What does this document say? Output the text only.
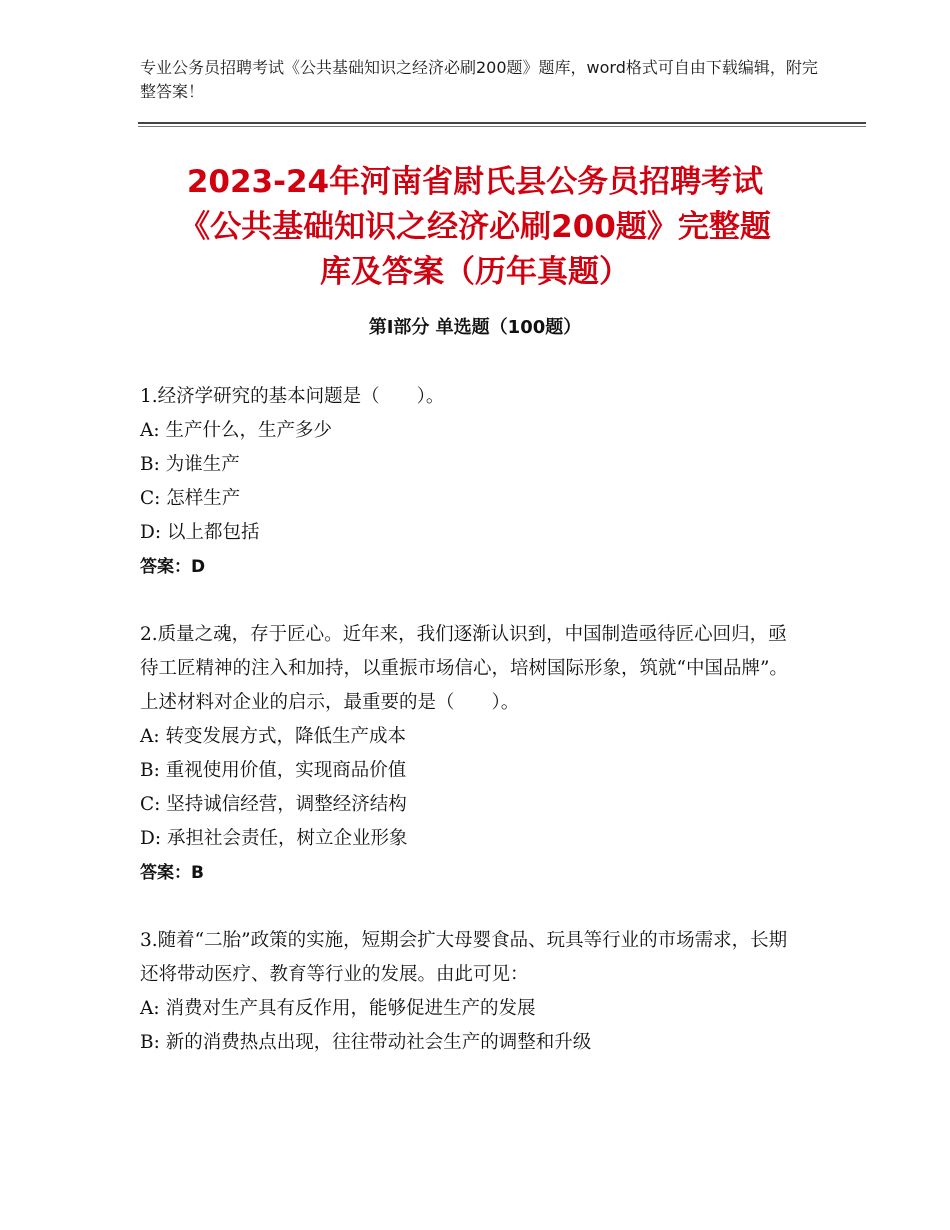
专业公务员招聘考试《公共基础知识之经济必刷200题》题库，word格式可自由下载编辑，附完整答案！
2023-24年河南省尉氏县公务员招聘考试
《公共基础知识之经济必刷200题》完整题
库及答案（历年真题）
第Ⅰ部分 单选题（100题）

1.经济学研究的基本问题是（　　）。

A: 生产什么，生产多少

B: 为谁生产

C: 怎样生产

D: 以上都包括

答案：D

2.质量之魂，存于匠心。近年来，我们逐渐认识到，中国制造亟待匠心回归，亟待工匠精神的注入和加持，以重振市场信心，培树国际形象，筑就“中国品牌”。上述材料对企业的启示，最重要的是（　　）。

A: 转变发展方式，降低生产成本

B: 重视使用价值，实现商品价值

C: 坚持诚信经营，调整经济结构

D: 承担社会责任，树立企业形象

答案：B

3.随着“二胎”政策的实施，短期会扩大母婴食品、玩具等行业的市场需求，长期还将带动医疗、教育等行业的发展。由此可见：

A: 消费对生产具有反作用，能够促进生产的发展

B: 新的消费热点出现，往往带动社会生产的调整和升级
